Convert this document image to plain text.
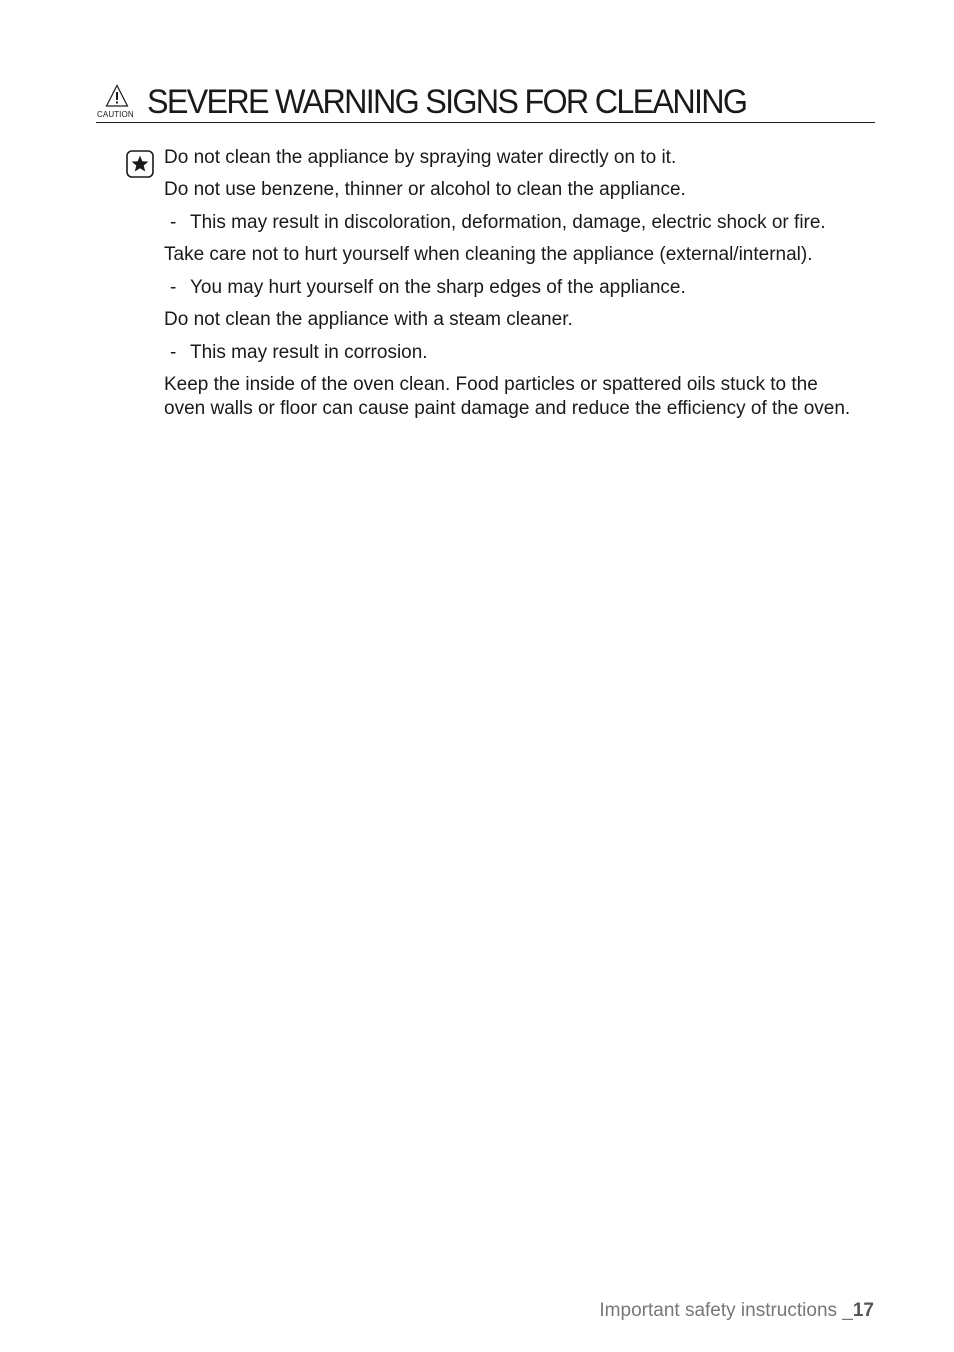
CAUTION SEVERE WARNING SIGNS FOR CLEANING

Do not clean the appliance by spraying water directly on to it.

Do not use benzene, thinner or alcohol to clean the appliance.

- This may result in discoloration, deformation, damage, electric shock or fire.

Take care not to hurt yourself when cleaning the appliance (external/internal).

- You may hurt yourself on the sharp edges of the appliance.

Do not clean the appliance with a steam cleaner.

- This may result in corrosion.

Keep the inside of the oven clean. Food particles or spattered oils stuck to the oven walls or floor can cause paint damage and reduce the efficiency of the oven.

Important safety instructions _17
